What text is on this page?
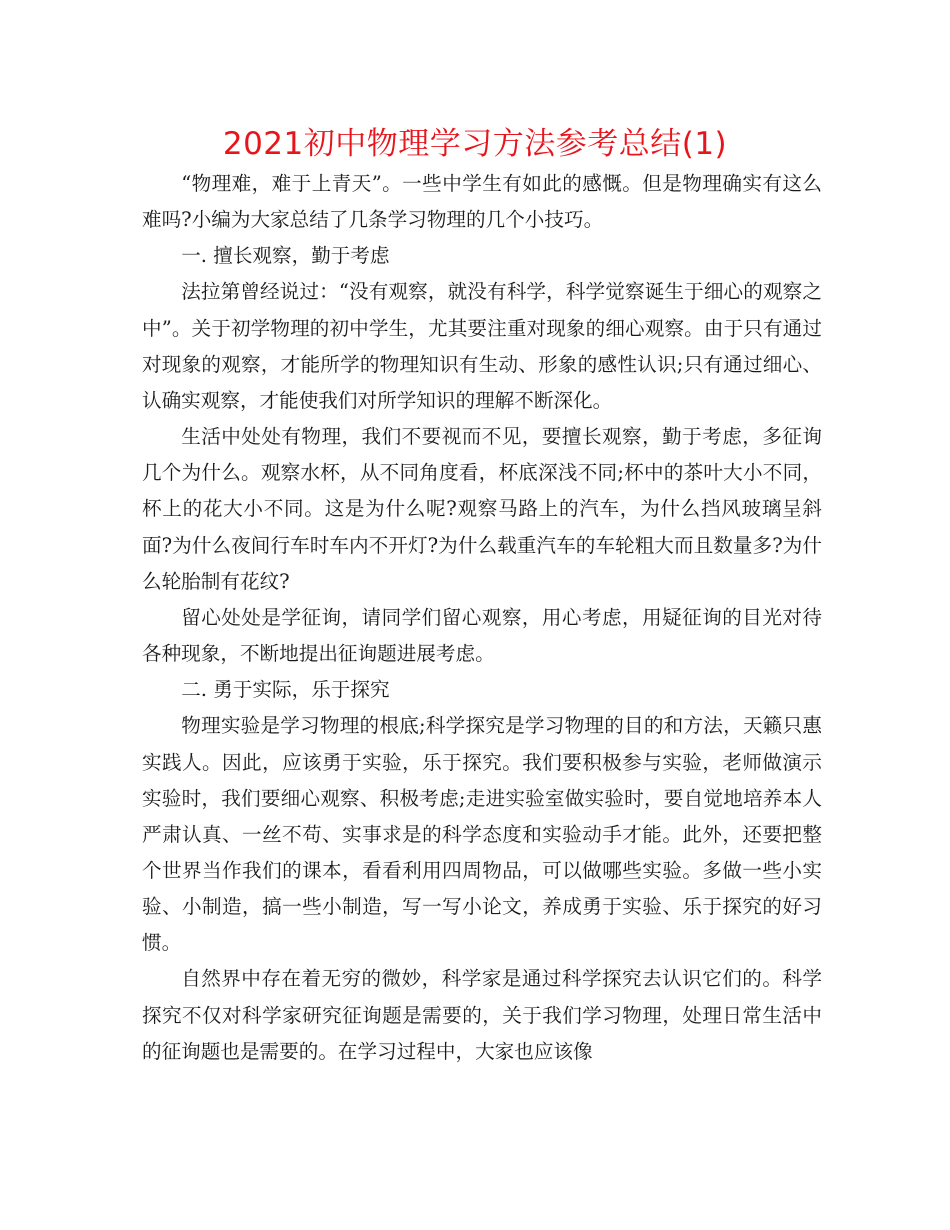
2021初中物理学习方法参考总结(1)

“物理难，难于上青天”。一些中学生有如此的感慨。但是物理确实有这么难吗?小编为大家总结了几条学习物理的几个小技巧。

一. 擅长观察，勤于考虑

法拉第曾经说过：“没有观察，就没有科学，科学觉察诞生于细心的观察之中”。关于初学物理的初中学生，尤其要注重对现象的细心观察。由于只有通过对现象的观察，才能所学的物理知识有生动、形象的感性认识;只有通过细心、认确实观察，才能使我们对所学知识的理解不断深化。

生活中处处有物理，我们不要视而不见，要擅长观察，勤于考虑，多征询几个为什么。观察水杯，从不同角度看，杯底深浅不同;杯中的茶叶大小不同，杯上的花大小不同。这是为什么呢?观察马路上的汽车，为什么挡风玻璃呈斜面?为什么夜间行车时车内不开灯?为什么载重汽车的车轮粗大而且数量多?为什么轮胎制有花纹?

留心处处是学征询，请同学们留心观察，用心考虑，用疑征询的目光对待各种现象，不断地提出征询题进展考虑。

二. 勇于实际，乐于探究

物理实验是学习物理的根底;科学探究是学习物理的目的和方法，天籁只惠实践人。因此，应该勇于实验，乐于探究。我们要积极参与实验，老师做演示实验时，我们要细心观察、积极考虑;走进实验室做实验时，要自觉地培养本人严肃认真、一丝不苟、实事求是的科学态度和实验动手才能。此外，还要把整个世界当作我们的课本，看看利用四周物品，可以做哪些实验。多做一些小实验、小制造，搞一些小制造，写一写小论文，养成勇于实验、乐于探究的好习惯。

自然界中存在着无穷的微妙，科学家是通过科学探究去认识它们的。科学探究不仅对科学家研究征询题是需要的，关于我们学习物理，处理日常生活中的征询题也是需要的。在学习过程中，大家也应该像
